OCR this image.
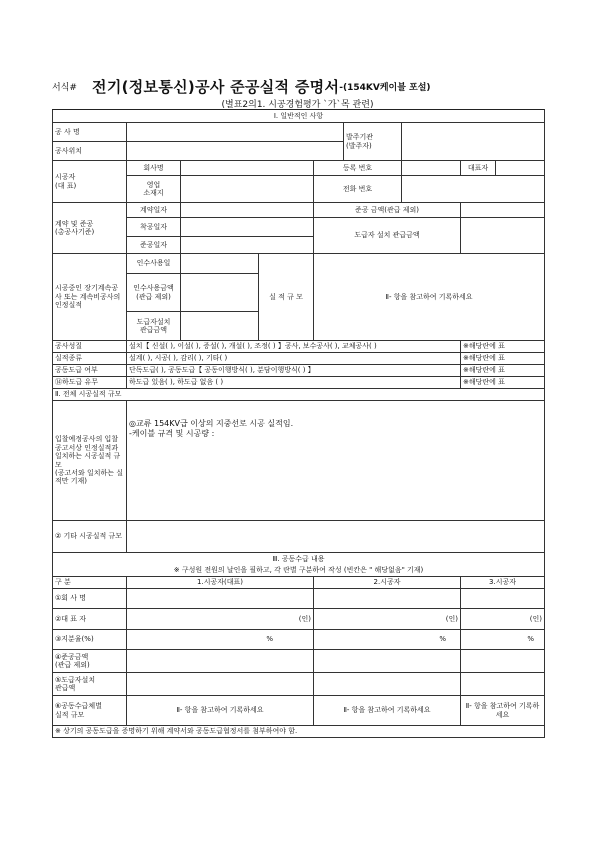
서식# 전기(정보통신)공사 준공실적 증명서-(154KV케이블 포설)
(별표2의1. 시공경험평가 `가`목 관련)
Ⅰ. 일반적인 사항								
공 사 명					발주기관
(발주자)			
공사위치								
시공자
(대 표)	회사명			등록 번호			대표자	
	영업
소재지			전화 번호				
계약 및 준공
(총공사기준)	계약일자			준공 금액(관급 제외)				
	착공일자			도급자 설치 관급금액				
	준공일자							
시공중인 장기계속공사 또는 계속비공사의 인정실적	인수사용일		실 적 규 모	Ⅱ- 항을 참고하여 기록하세요				
	인수사용금액
(관급 제외)							
	도급자설치
관급금액							
공사성질	설치【 신설( ), 이설( ), 증설( ), 개설( ), 조정( ) 】공사, 보수공사( ), 교체공사( )						※해당란에 표	
실적종류	설계( ), 시공( ), 감리( ), 기타( )						※해당란에 표	
공동도급 여부	단독도급( ), 공동도급【 공동이행방식( ), 분담이행방식( ) 】						※해당란에 표	
⑭하도급 유무	하도급 있음( ), 하도급 없음 ( )						※해당란에 표	
Ⅱ. 전체 시공실적 규모								
입찰예정공사의 입찰공고서상 인정실적과 일치하는 시공실적 규모
(공고서와 일치하는 실적만 기재)	◎교류 154KV급 이상의 지중선로 시공 실적임.
-케이블 규격 및 시공량 :							
② 기타 시공실적 규모								
Ⅲ. 공동수급 내용								
※ 구성원 전원의 날인을 필하고, 각 란별 구분하여 작성 (빈칸은 " 해당없음" 기재)								
구 분	1.시공자(대표)			2.시공자			3.시공자	
①회 사 명								
②대 표 자	(인)			(인)			(인)	
③지분율(%)	%			%			%	
④준공금액
(관급 제외)								
⑤도급자설치
관급액								
⑥공동수급체별
실적 규모	Ⅱ- 항을 참고하여 기록하세요			Ⅱ- 항을 참고하여 기록하세요			Ⅱ- 항을 참고하여 기록하세요	
※ 상기의 공동도급을 증명하기 위해 계약서와 공동도급협정서를 첨부하여야 함.								
